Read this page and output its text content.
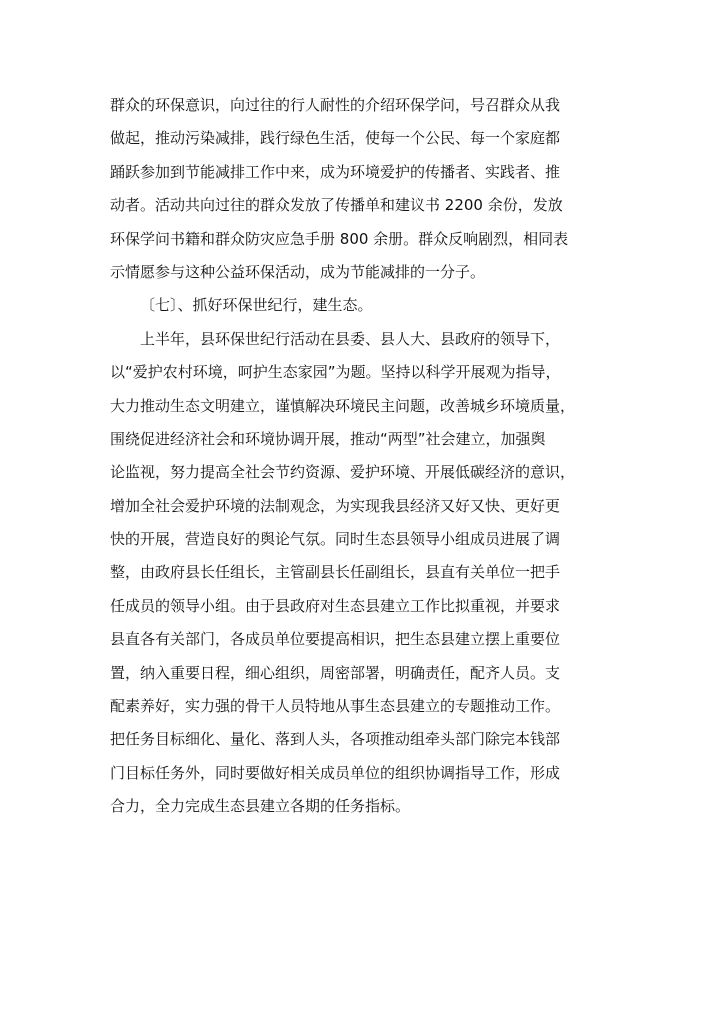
群众的环保意识，向过往的行人耐性的介绍环保学问，号召群众从我
做起，推动污染减排，践行绿色生活，使每一个公民、每一个家庭都
踊跃参加到节能减排工作中来，成为环境爱护的传播者、实践者、推
动者。活动共向过往的群众发放了传播单和建议书 2200 余份，发放
环保学问书籍和群众防灾应急手册 800 余册。群众反响剧烈，相同表
示情愿参与这种公益环保活动，成为节能减排的一分子。
〔七〕、抓好环保世纪行，建生态。
上半年，县环保世纪行活动在县委、县人大、县政府的领导下，
以“爱护农村环境，呵护生态家园”为题。坚持以科学开展观为指导，
大力推动生态文明建立，谨慎解决环境民主问题，改善城乡环境质量，
围绕促进经济社会和环境协调开展，推动“两型”社会建立，加强舆
论监视，努力提高全社会节约资源、爱护环境、开展低碳经济的意识，
增加全社会爱护环境的法制观念，为实现我县经济又好又快、更好更
快的开展，营造良好的舆论气氛。同时生态县领导小组成员进展了调
整，由政府县长任组长，主管副县长任副组长，县直有关单位一把手
任成员的领导小组。由于县政府对生态县建立工作比拟重视，并要求
县直各有关部门，各成员单位要提高相识，把生态县建立摆上重要位
置，纳入重要日程，细心组织，周密部署，明确责任，配齐人员。支
配素养好，实力强的骨干人员特地从事生态县建立的专题推动工作。
把任务目标细化、量化、落到人头，各项推动组牵头部门除完本钱部
门目标任务外，同时要做好相关成员单位的组织协调指导工作，形成
合力，全力完成生态县建立各期的任务指标。
